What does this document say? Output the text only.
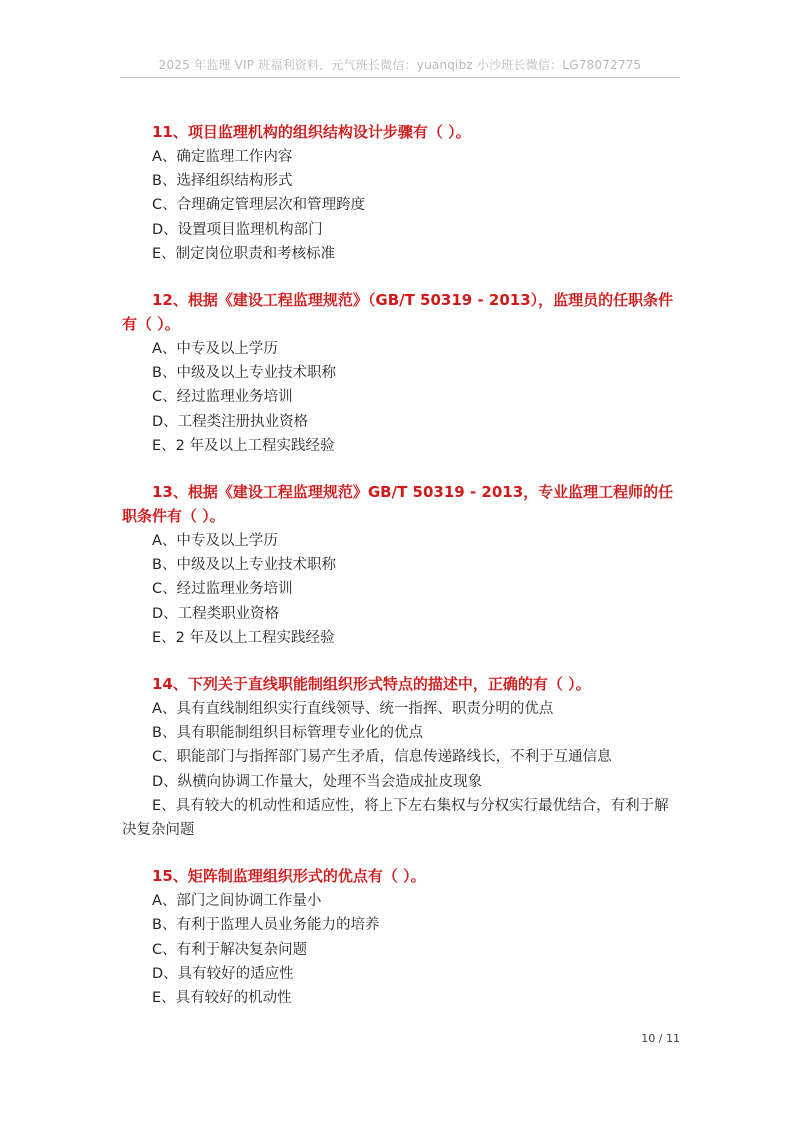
2025 年监理 VIP 班福利资料，元气班长微信：yuanqibz 小沙班长微信：LG78072775
11、项目监理机构的组织结构设计步骤有（ ）。
A、确定监理工作内容
B、选择组织结构形式
C、合理确定管理层次和管理跨度
D、设置项目监理机构部门
E、制定岗位职责和考核标准
12、根据《建设工程监理规范》（GB/T 50319 - 2013），监理员的任职条件有（ ）。
A、中专及以上学历
B、中级及以上专业技术职称
C、经过监理业务培训
D、工程类注册执业资格
E、2 年及以上工程实践经验
13、根据《建设工程监理规范》GB/T 50319 - 2013，专业监理工程师的任职条件有（ ）。
A、中专及以上学历
B、中级及以上专业技术职称
C、经过监理业务培训
D、工程类职业资格
E、2 年及以上工程实践经验
14、下列关于直线职能制组织形式特点的描述中，正确的有（ ）。
A、具有直线制组织实行直线领导、统一指挥、职责分明的优点
B、具有职能制组织目标管理专业化的优点
C、职能部门与指挥部门易产生矛盾，信息传递路线长，不利于互通信息
D、纵横向协调工作量大，处理不当会造成扯皮现象
E、具有较大的机动性和适应性，将上下左右集权与分权实行最优结合，有利于解决复杂问题
15、矩阵制监理组织形式的优点有（ ）。
A、部门之间协调工作量小
B、有利于监理人员业务能力的培养
C、有利于解决复杂问题
D、具有较好的适应性
E、具有较好的机动性
10 / 11
